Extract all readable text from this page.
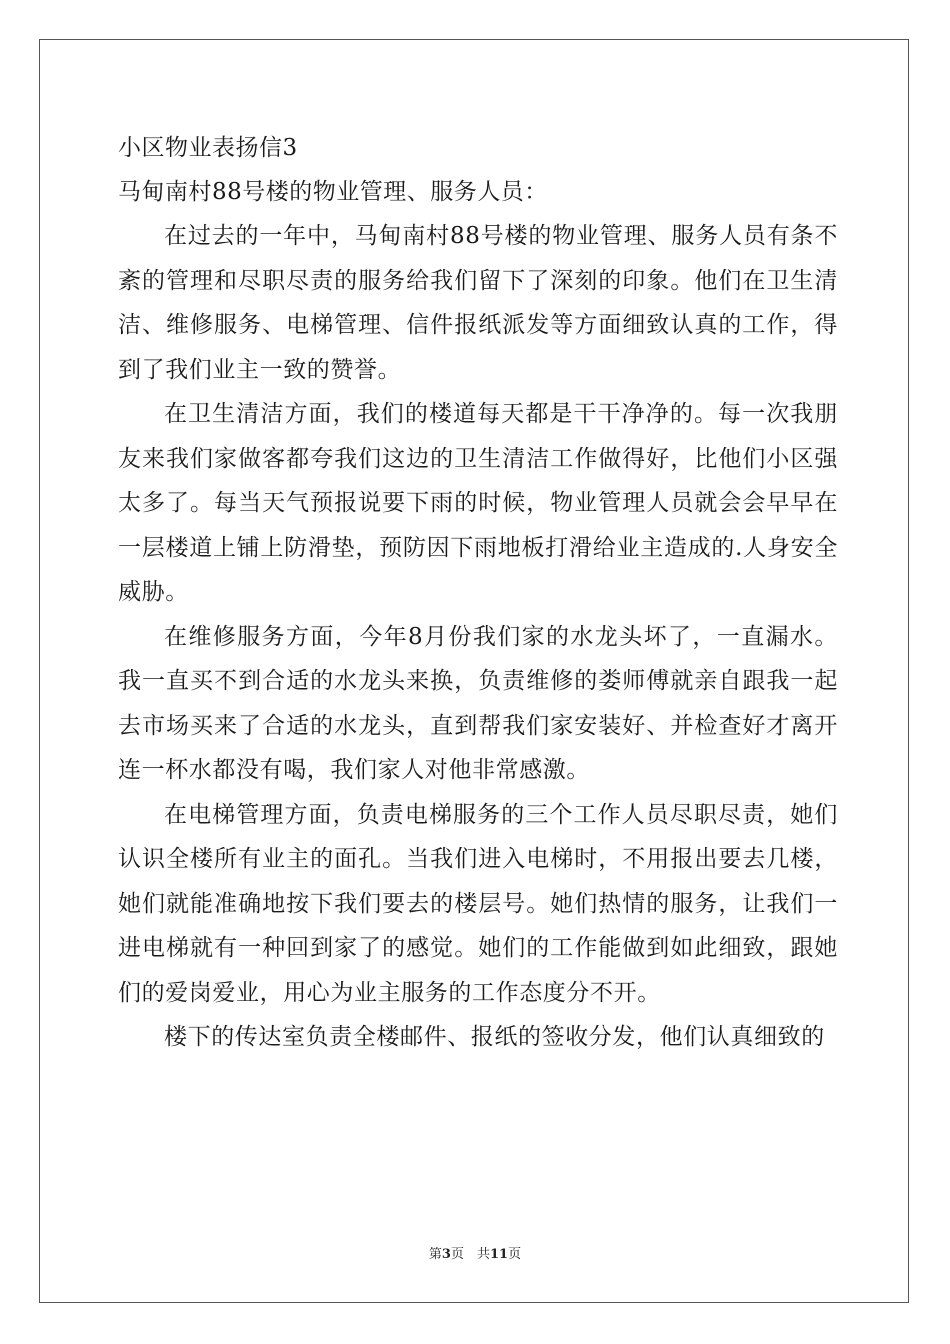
小区物业表扬信3
马甸南村88号楼的物业管理、服务人员：

在过去的一年中，马甸南村88号楼的物业管理、服务人员有条不紊的管理和尽职尽责的服务给我们留下了深刻的印象。他们在卫生清洁、维修服务、电梯管理、信件报纸派发等方面细致认真的工作，得到了我们业主一致的赞誉。

在卫生清洁方面，我们的楼道每天都是干干净净的。每一次我朋友来我们家做客都夸我们这边的卫生清洁工作做得好，比他们小区强太多了。每当天气预报说要下雨的时候，物业管理人员就会会早早在一层楼道上铺上防滑垫，预防因下雨地板打滑给业主造成的.人身安全威胁。

在维修服务方面，今年8月份我们家的水龙头坏了，一直漏水。我一直买不到合适的水龙头来换，负责维修的娄师傅就亲自跟我一起去市场买来了合适的水龙头，直到帮我们家安装好、并检查好才离开连一杯水都没有喝，我们家人对他非常感激。

在电梯管理方面，负责电梯服务的三个工作人员尽职尽责，她们认识全楼所有业主的面孔。当我们进入电梯时，不用报出要去几楼，她们就能准确地按下我们要去的楼层号。她们热情的服务，让我们一进电梯就有一种回到家了的感觉。她们的工作能做到如此细致，跟她们的爱岗爱业，用心为业主服务的工作态度分不开。

楼下的传达室负责全楼邮件、报纸的签收分发，他们认真细致的

第3页　共11页
